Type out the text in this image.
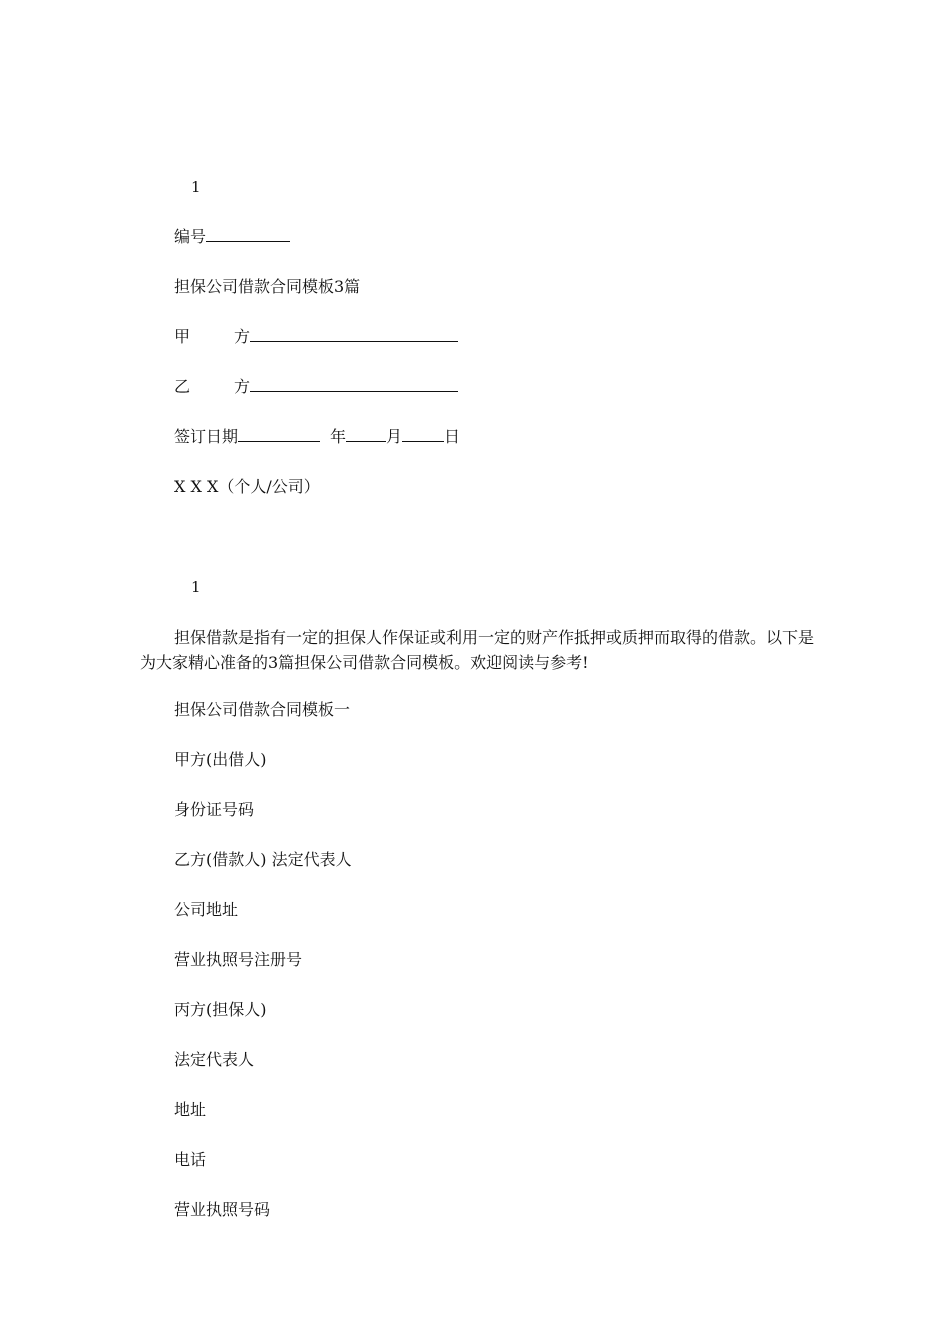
1
编号
担保公司借款合同模板3篇
甲	方
乙	方
签订日期	年	月	日
X X X（个人/公司）
1
担保借款是指有一定的担保人作保证或利用一定的财产作抵押或质押而取得的借款。以下是为大家精心准备的3篇担保公司借款合同模板。欢迎阅读与参考!
担保公司借款合同模板一
甲方(出借人)
身份证号码
乙方(借款人) 法定代表人
公司地址
营业执照号注册号
丙方(担保人)
法定代表人
地址
电话
营业执照号码
